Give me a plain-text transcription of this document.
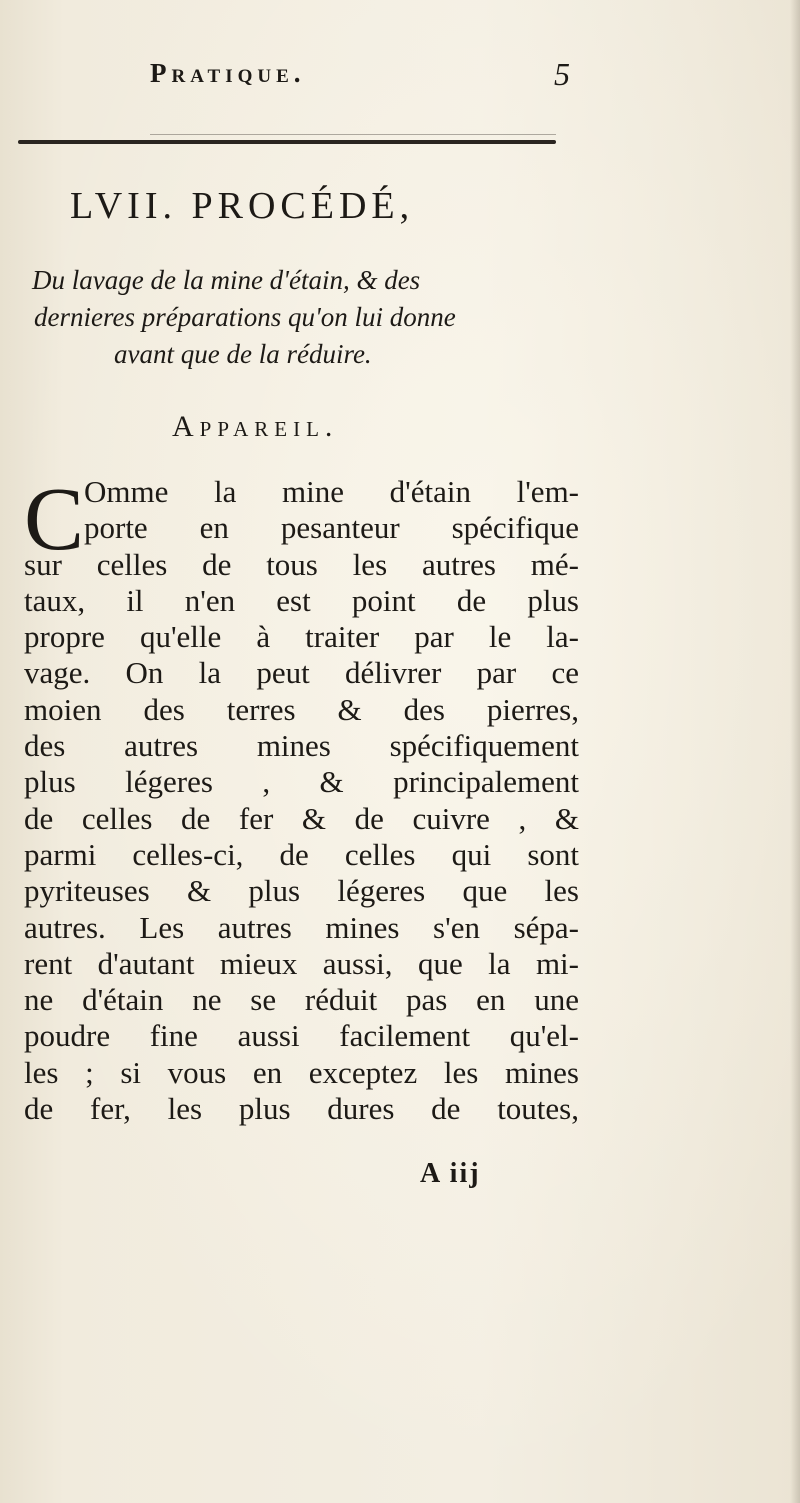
Pratique.	5
LVII. PROCÉDÉ,
Du lavage de la mine d'étain, & des
dernieres préparations qu'on lui donne
avant que de la réduire.
Appareil.
C Omme la mine d'étain l'em-
porte en pesanteur spécifique
sur celles de tous les autres mé-
taux, il n'en est point de plus
propre qu'elle à traiter par le la-
vage. On la peut délivrer par ce
moien des terres & des pierres,
des autres mines spécifiquement
plus légeres , & principalement
de celles de fer & de cuivre , &
parmi celles-ci, de celles qui sont
pyriteuses & plus légeres que les
autres. Les autres mines s'en sépa-
rent d'autant mieux aussi, que la mi-
ne d'étain ne se réduit pas en une
poudre fine aussi facilement qu'el-
les ; si vous en exceptez les mines
de fer, les plus dures de toutes,
A iij
